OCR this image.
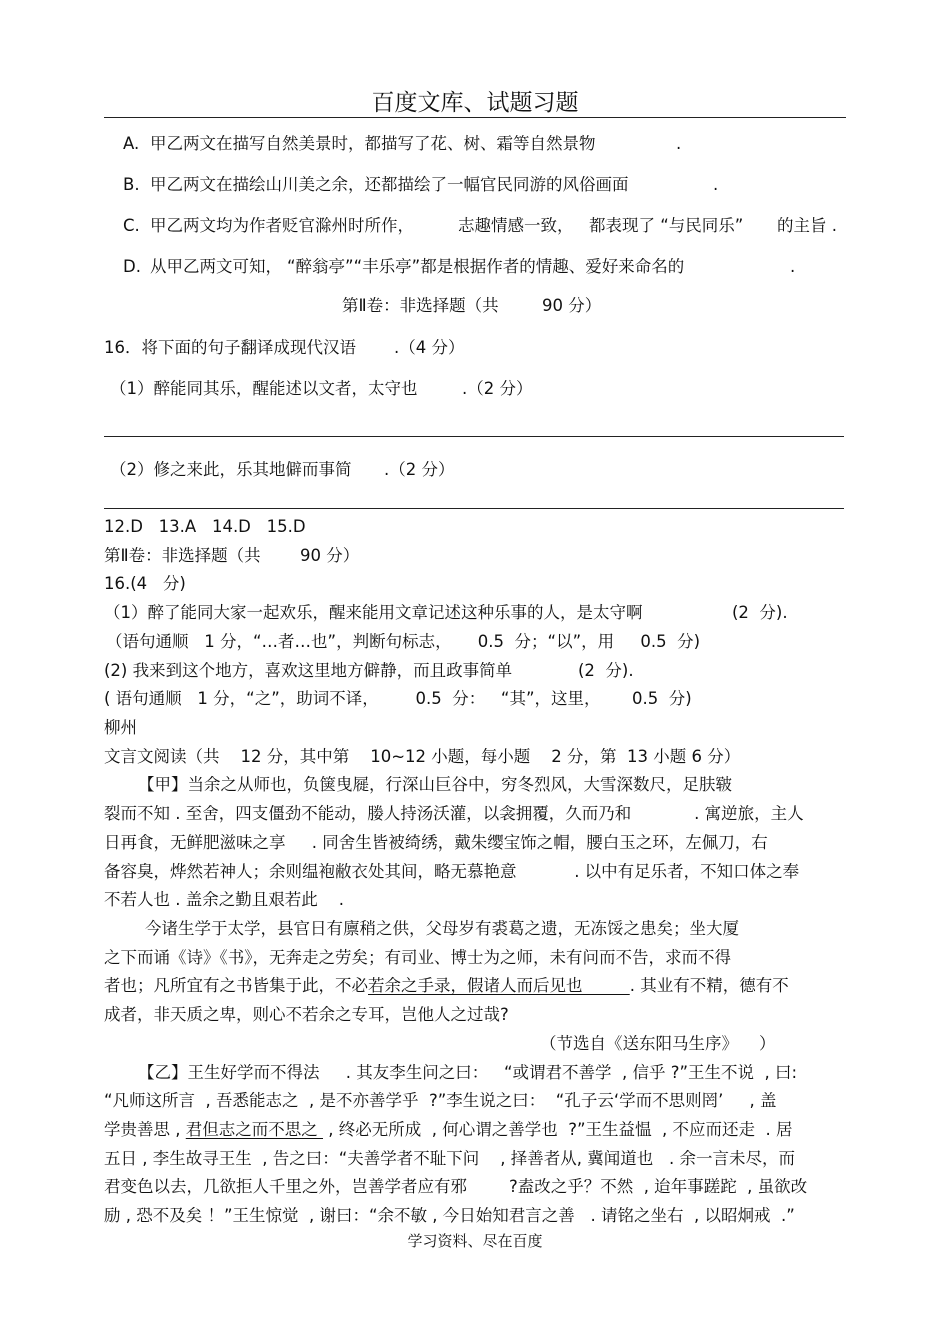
百度文库、试题习题
A. 甲乙两文在描写自然美景时，都描写了花、树、霜等自然景物	.
B. 甲乙两文在描绘山川美之余，还都描绘了一幅官民同游的风俗画面	.
C. 甲乙两文均为作者贬官滁州时所作，	志趣情感一致， 都表现了 “与民同乐” 的主旨 .
D. 从甲乙两文可知， “醉翁亭”“丰乐亭”都是根据作者的情趣、爱好来命名的	.
第Ⅱ卷：非选择题（共	90 分）
16．将下面的句子翻译成现代汉语 .（4 分）
（1）醉能同其乐，醒能述以文者，太守也	.（2 分）
（2）修之来此，乐其地僻而事简 .（2 分）
12.D   13.A   14.D   15.D
第Ⅱ卷：非选择题（共 90 分）
16.(4   分)
（1）醉了能同大家一起欢乐，醒来能用文章记述这种乐事的人，是太守啊	(2  分).
（语句通顺   1 分，“…者…也”，判断句标志，     0.5  分；“以”，用     0.5  分)
(2) 我来到这个地方，喜欢这里地方僻静，而且政事简单	(2  分).
( 语句通顺   1 分，“之”，助词不译，       0.5  分：   “其”，这里，      0.5  分)
柳州
文言文阅读（共    12 分，其中第    10~12 小题，每小题    2 分，第  13 小题 6 分）
【甲】当余之从师也，负箧曳屣，行深山巨谷中，穷冬烈风，大雪深数尺，足肤皲
裂而不知 . 至舍，四支僵劲不能动，媵人持汤沃灌，以衾拥覆，久而乃和            . 寓逆旅，主人
日再食，无鲜肥滋味之享     . 同舍生皆被绮绣，戴朱缨宝饰之帽，腰白玉之环，左佩刀，右
备容臭，烨然若神人；余则缊袍敝衣处其间，略无慕艳意           . 以中有足乐者，不知口体之奉
不若人也 . 盖余之勤且艰若此    .
今诸生学于太学，县官日有廪稍之供，父母岁有裘葛之遗，无冻馁之患矣；坐大厦
之下而诵《诗》《书》，无奔走之劳矣；有司业、博士为之师，未有问而不告，求而不得
者也；凡所宜有之书皆集于此，不必若余之手录，假诸人而后见也         . 其业有不精，德有不
成者，非天质之卑，则心不若余之专耳，岂他人之过哉?
（节选自《送东阳马生序》    ）
【乙】王生好学而不得法     . 其友李生问之曰：   “或谓君不善学  , 信乎 ?”王生不说  , 曰:
“凡师这所言  , 吾悉能志之  , 是不亦善学乎  ?”李生说之曰：  “孔子云‘学而不思则罔’     , 盖
学贵善思 , 君但志之而不思之  , 终必无所成  , 何心谓之善学也  ?”王生益愠  , 不应而还走  . 居
五日 , 李生故寻王生  , 告之曰：“夫善学者不耻下问    , 择善者从, 冀闻道也   . 余一言未尽，而
君变色以去，几欲拒人千里之外，岂善学者应有邪        ?盍改之乎？不然  , 迨年事蹉跎  , 虽欲改
励 , 恐不及矣 ！”王生惊觉  , 谢曰：“余不敏 , 今日始知君言之善   . 请铭之坐右  , 以昭炯戒  .”
学习资料、尽在百度
